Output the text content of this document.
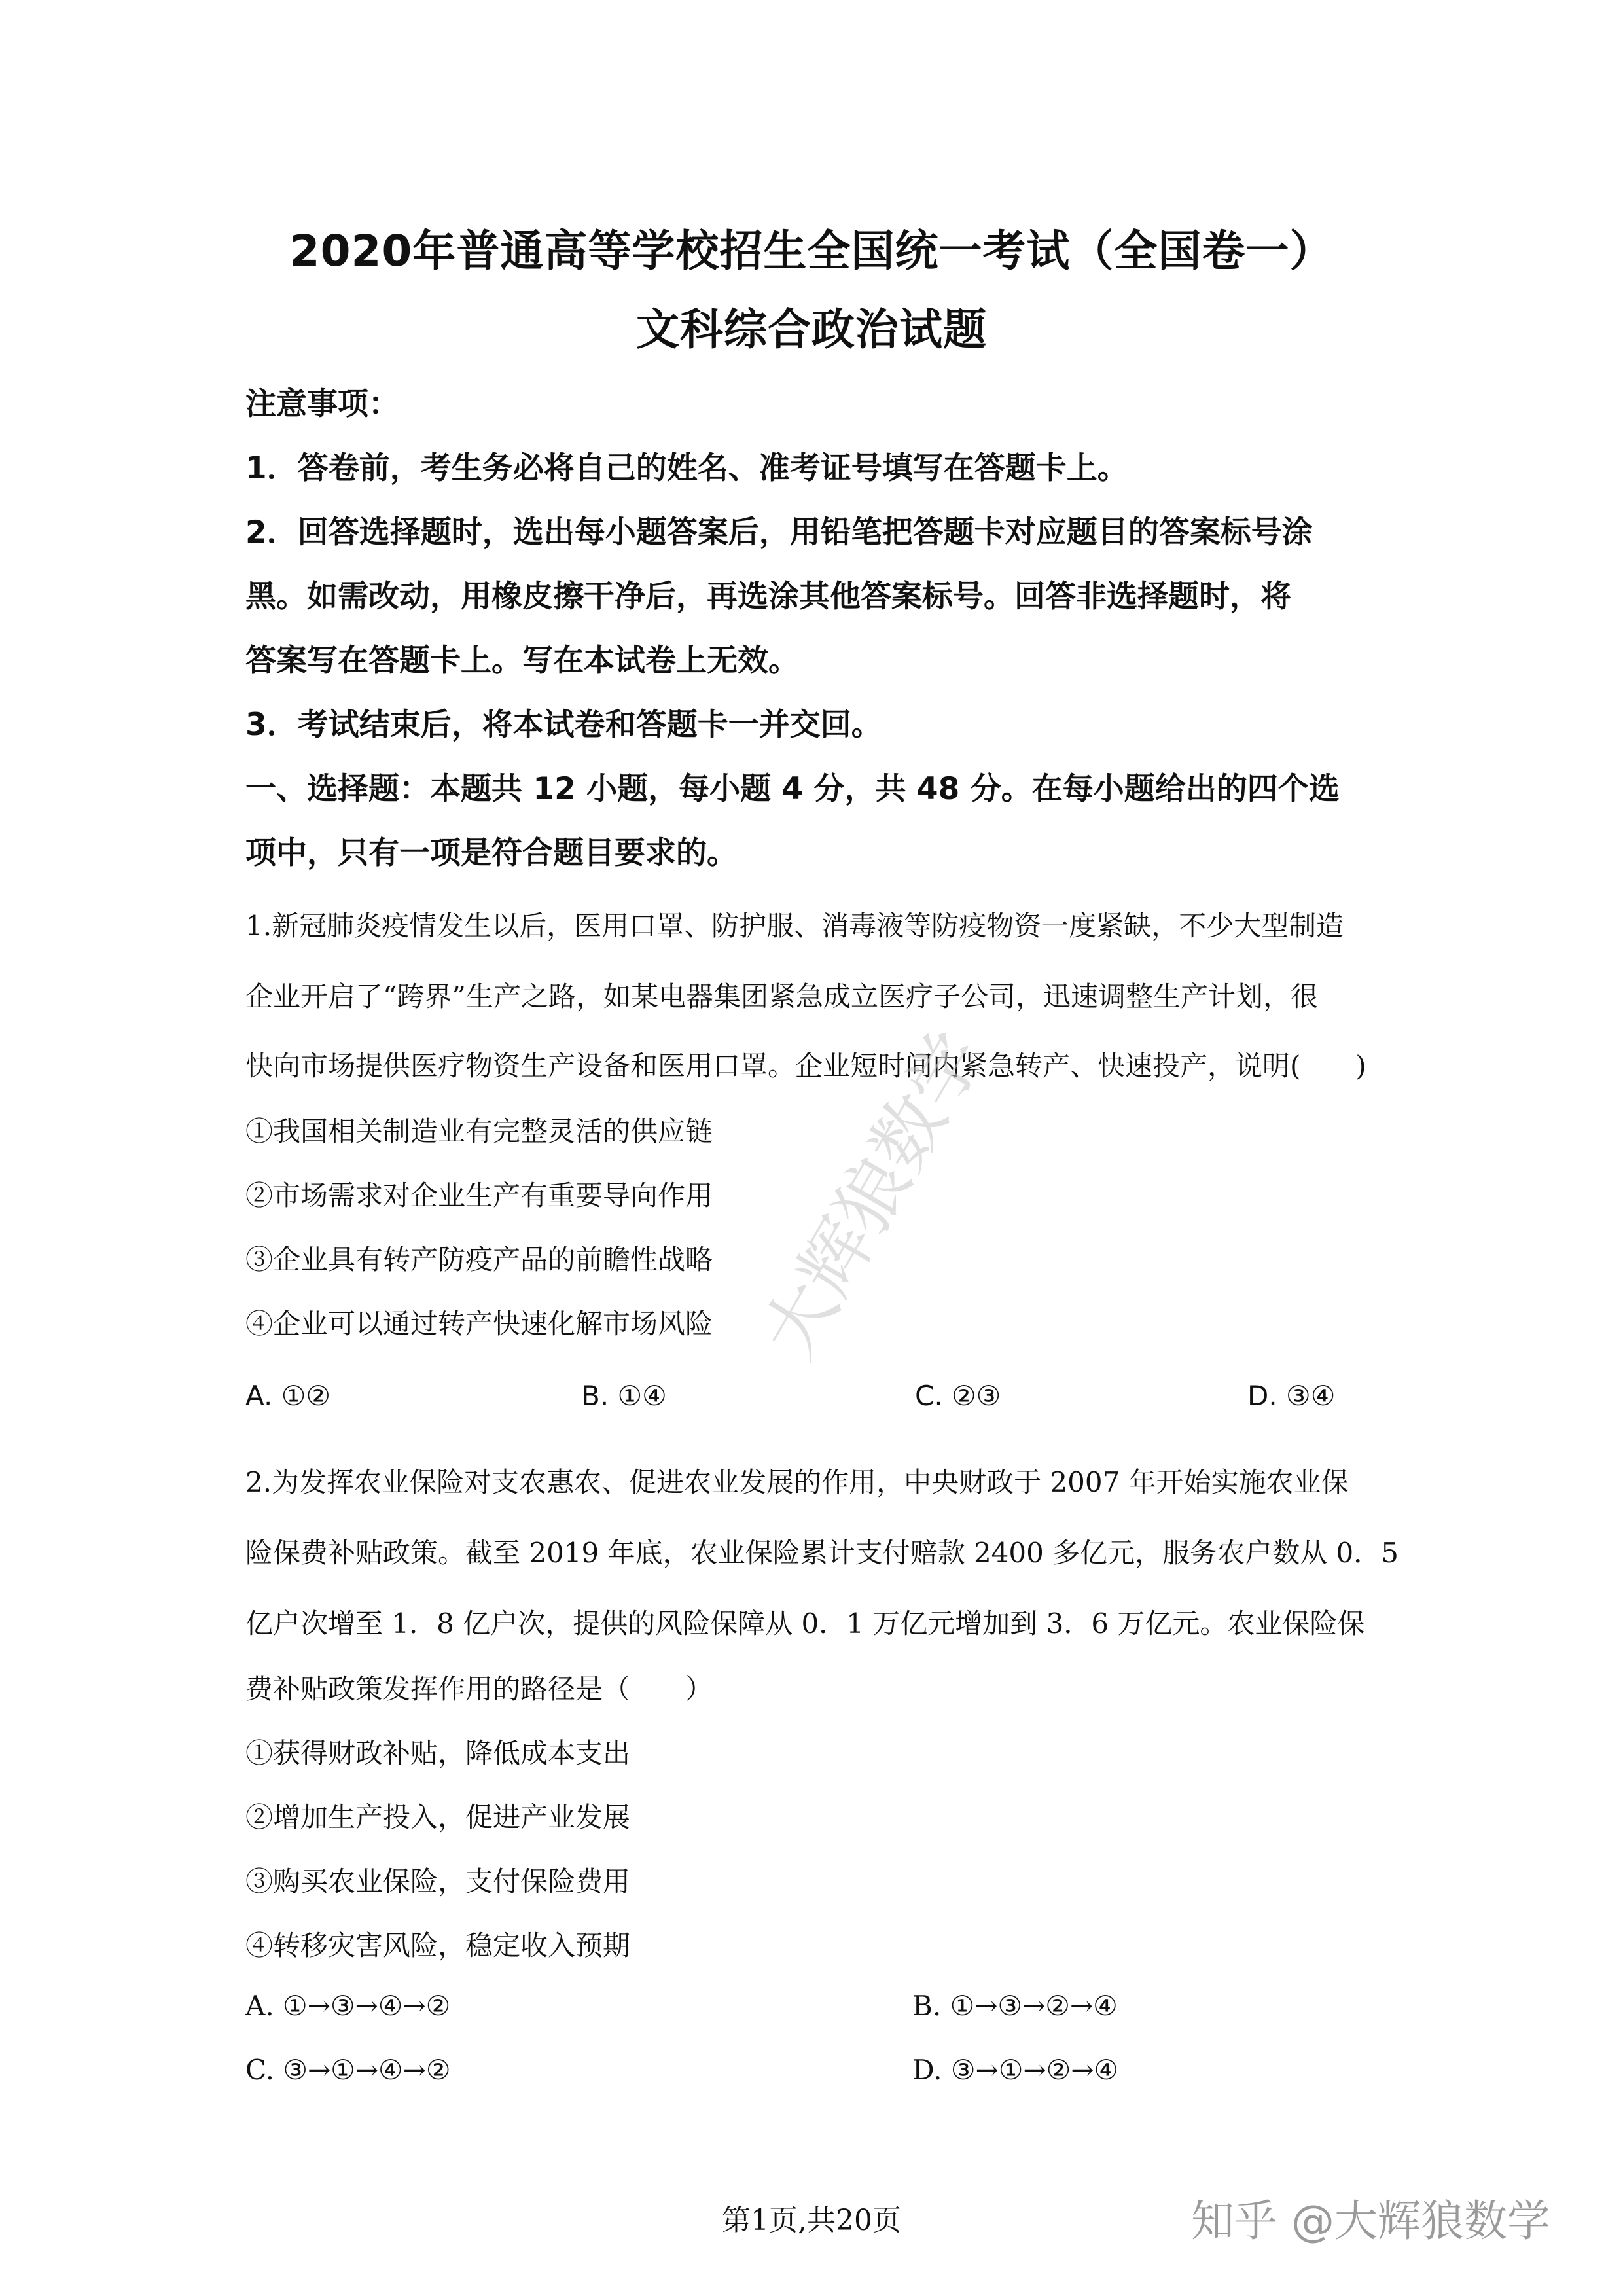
2020年普通高等学校招生全国统一考试（全国卷一）
文科综合政治试题
注意事项：
1．答卷前，考生务必将自己的姓名、准考证号填写在答题卡上。
2．回答选择题时，选出每小题答案后，用铅笔把答题卡对应题目的答案标号涂
黑。如需改动，用橡皮擦干净后，再选涂其他答案标号。回答非选择题时，将
答案写在答题卡上。写在本试卷上无效。
3．考试结束后，将本试卷和答题卡一并交回。
一、选择题：本题共 12 小题，每小题 4 分，共 48 分。在每小题给出的四个选
项中，只有一项是符合题目要求的。
1.新冠肺炎疫情发生以后，医用口罩、防护服、消毒液等防疫物资一度紧缺，不少大型制造
企业开启了“跨界”生产之路，如某电器集团紧急成立医疗子公司，迅速调整生产计划，很
快向市场提供医疗物资生产设备和医用口罩。企业短时间内紧急转产、快速投产，说明(　　)
①我国相关制造业有完整灵活的供应链
②市场需求对企业生产有重要导向作用
③企业具有转产防疫产品的前瞻性战略
④企业可以通过转产快速化解市场风险
A. ①②	B. ①④	C. ②③	D. ③④
2.为发挥农业保险对支农惠农、促进农业发展的作用，中央财政于 2007 年开始实施农业保
险保费补贴政策。截至 2019 年底，农业保险累计支付赔款 2400 多亿元，服务农户数从 0．5
亿户次增至 1．8 亿户次，提供的风险保障从 0．1 万亿元增加到 3．6 万亿元。农业保险保
费补贴政策发挥作用的路径是（　　）
①获得财政补贴，降低成本支出
②增加生产投入，促进产业发展
③购买农业保险，支付保险费用
④转移灾害风险，稳定收入预期
A. ①→③→④→②	B. ①→③→②→④
C. ③→①→④→②	D. ③→①→②→④
大辉狼数学
第1页,共20页	知乎 @大辉狼数学
